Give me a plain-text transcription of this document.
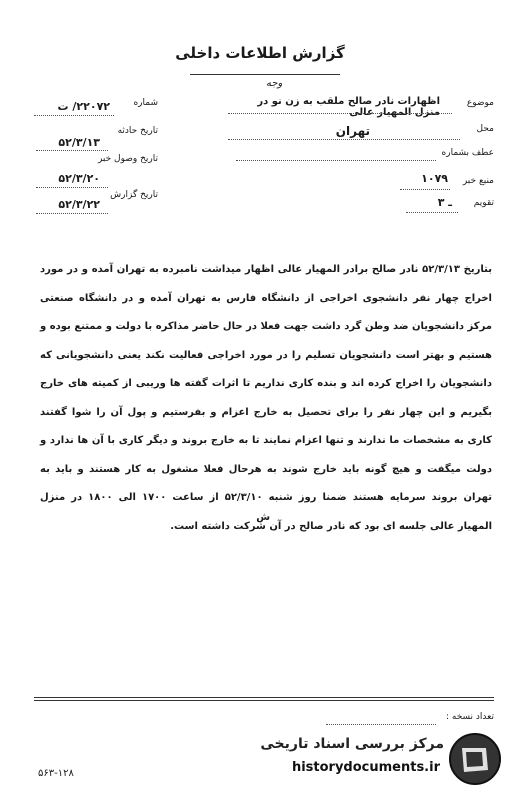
گزارش اطلاعات داخلی
موضوع
اظهارات نادر صالح ملقب به زن نو در منزل المهیار عالی
وجه
محل
تهران
عطف بشماره
منبع خبر
۱۰۷۹
تقویم
ـ ۳
شماره
۲۲۰۷۲/ ت
تاریخ حادثه
۵۲/۳/۱۳
تاریخ وصول خبر
۵۲/۳/۲۰
تاریخ گزارش
۵۲/۳/۲۲
بتاریخ ۵۲/۳/۱۳ نادر صالح برادر المهیار عالی اظهار میداشت نامبرده به تهران آمده و در مورد اخراج چهار نفر دانشجوی اخراجی از دانشگاه فارس به تهران آمده و در دانشگاه صنعتی مرکز دانشجویان ضد وطن گرد داشت جهت فعلا در حال حاضر مذاکره با دولت و ممتنع بوده و هستیم و بهتر است دانشجویان تسلیم را در مورد اخراجی فعالیت نکند یعنی دانشجویانی که دانشجویان را اخراج کرده اند و بنده کاری نداریم تا اثرات گفته ها وریبی از کمیته های خارج بگیریم و این چهار نفر را برای تحصیل به خارج اعزام و بفرستیم و پول آن را شوا گفتند کاری به مشخصات ما ندارند و تنها اعزام نمایند تا به خارج بروند و دیگر کاری با آن ها ندارد و دولت میگفت و هیچ گونه باید خارج شوند به هرحال فعلا مشغول به کار هستند و باید به تهران بروند سرمایه هستند ضمنا روز شنبه ۵۲/۳/۱۰ از ساعت ۱۷۰۰ الی ۱۸۰۰ در منزل المهیار عالی جلسه ای بود که نادر صالح در آن شرکت داشته است.
ش
تعداد نسخه :
۵۶۳-۱۲۸
مرکز بررسی اسناد تاریخی
historydocuments.ir
